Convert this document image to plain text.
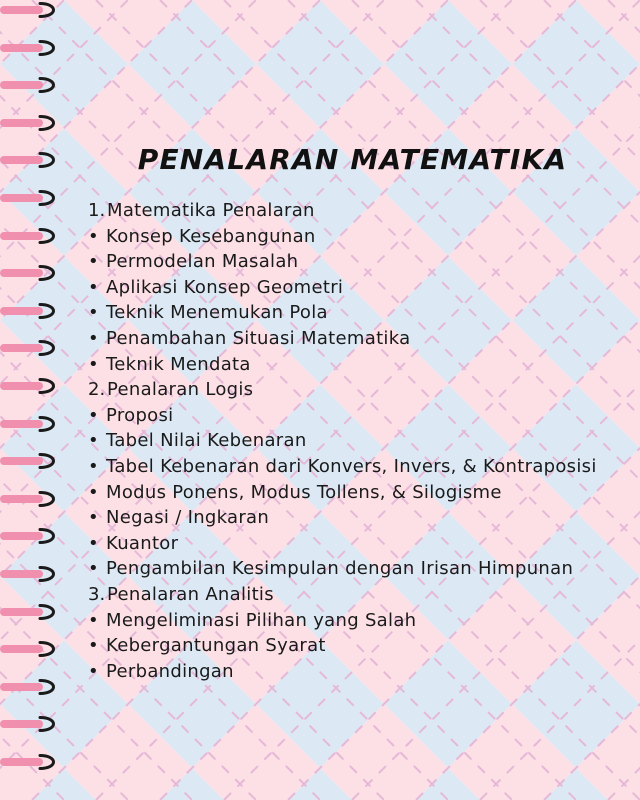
PENALARAN MATEMATIKA
1. Matematika Penalaran
• Konsep Kesebangunan
• Permodelan Masalah
• Aplikasi Konsep Geometri
• Teknik Menemukan Pola
• Penambahan Situasi Matematika
• Teknik Mendata
2. Penalaran Logis
• Proposi
• Tabel Nilai Kebenaran
• Tabel Kebenaran dari Konvers, Invers, & Kontraposisi
• Modus Ponens, Modus Tollens, & Silogisme
• Negasi / Ingkaran
• Kuantor
• Pengambilan Kesimpulan dengan Irisan Himpunan
3. Penalaran Analitis
• Mengeliminasi Pilihan yang Salah
• Kebergantungan Syarat
• Perbandingan
